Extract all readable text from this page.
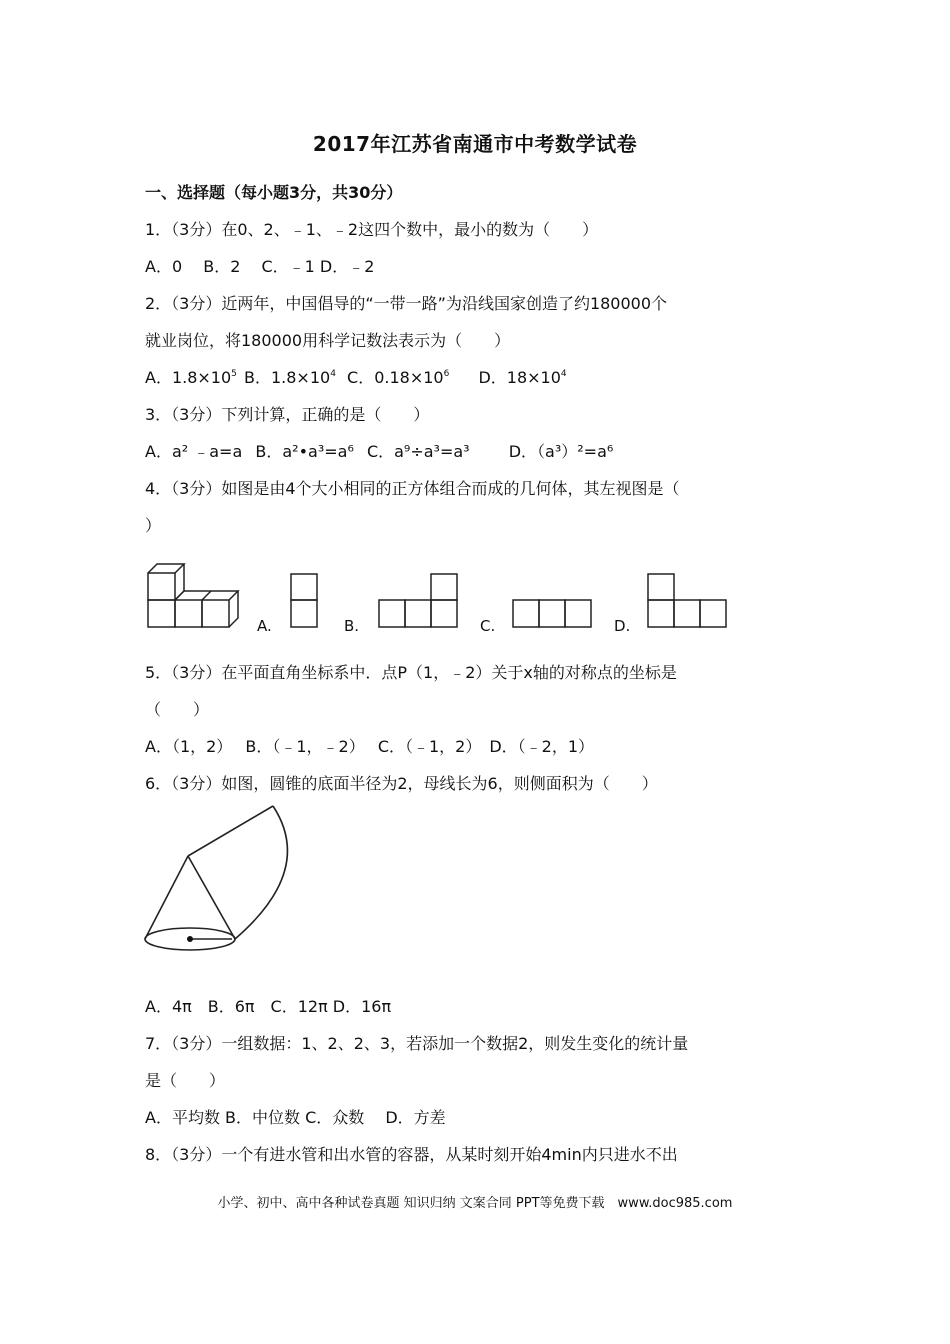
2017年江苏省南通市中考数学试卷
一、选择题（每小题3分，共30分）
1．（3分）在0、2、﹣1、﹣2这四个数中，最小的数为（　　）
A．0　 B．2　 C．﹣1 D．﹣2
2．（3分）近两年，中国倡导的“一带一路”为沿线国家创造了约180000个
就业岗位，将180000用科学记数法表示为（　　）
A．$1.8\times 10^5$ B．$1.8\times 10^4$ C．$0.18\times 10^6$ D．$18\times 10^4$
3．（3分）下列计算，正确的是（　　）
A．a² ﹣a=a B．a²•a³=a⁶ C．a⁹÷a³=a³ D．（a³）²=a⁶
4．（3分）如图是由4个大小相同的正方体组合而成的几何体，其左视图是（
）
A.	B.	C.	D.
5．（3分）在平面直角坐标系中．点P（1，﹣2）关于x轴的对称点的坐标是
（　　）
A．（1，2）　 B．（﹣1，﹣2）　 C．（﹣1，2）　D．（﹣2，1）
6．（3分）如图，圆锥的底面半径为2，母线长为6，则侧面积为（　　）
A．4π　B．6π　C．12π D．16π
7．（3分）一组数据：1、2、2、3，若添加一个数据2，则发生变化的统计量
是（　　）
A．平均数 B．中位数 C．众数　 D．方差
8．（3分）一个有进水管和出水管的容器，从某时刻开始4min内只进水不出
小学、初中、高中各种试卷真题 知识归纳 文案合同 PPT等免费下载　www.doc985.com
